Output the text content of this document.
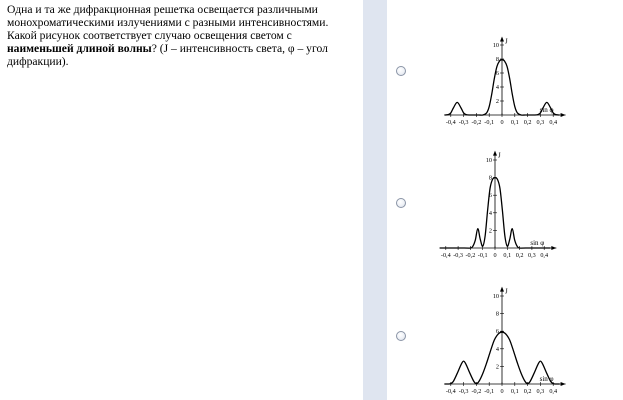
Одна и та же дифракционная решетка освещается различными монохроматическими излучениями с разными интенсивностями. Какой рисунок соответствует случаю освещения светом с наименьшей длиной волны? (J – интенсивность света, φ – угол дифракции).
-0,4 -0,3 -0,2 -0,1 0 0,1 0,2 0,3 0,4
2
4
6
8
10
sin φ
J
-0,4 -0,3 -0,2 -0,1 0 0,1 0,2 0,3 0,4
2
4
6
8
10
sin φ
J
-0,4 -0,3 -0,2 -0,1 0 0,1 0,2 0,3 0,4
2
4
6
8
10
sin φ
J
